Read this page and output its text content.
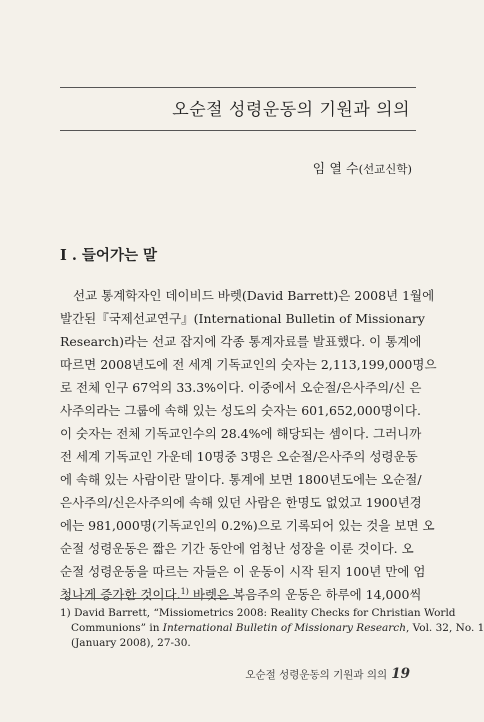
오순절 성령운동의 기원과 의의
임 열 수(선교신학)
I . 들어가는 말
선교 통계학자인 데이비드 바렛(David Barrett)은 2008년 1월에
발간된『국제선교연구』(International Bulletin of Missionary
Research)라는 선교 잡지에 각종 통계자료를 발표했다. 이 통계에
따르면 2008년도에 전 세계 기독교인의 숫자는 2,113,199,000명으
로 전체 인구 67억의 33.3%이다. 이중에서 오순절/은사주의/신 은
사주의라는 그룹에 속해 있는 성도의 숫자는 601,652,000명이다.
이 숫자는 전체 기독교인수의 28.4%에 해당되는 셈이다. 그러니까
전 세계 기독교인 가운데 10명중 3명은 오순절/은사주의 성령운동
에 속해 있는 사람이란 말이다. 통계에 보면 1800년도에는 오순절/
은사주의/신은사주의에 속해 있던 사람은 한명도 없었고 1900년경
에는 981,000명(기독교인의 0.2%)으로 기록되어 있는 것을 보면 오
순절 성령운동은 짧은 기간 동안에 엄청난 성장을 이룬 것이다. 오
순절 성령운동을 따르는 자들은 이 운동이 시작 된지 100년 만에 엄
청나게 증가한 것이다.$^{1)}$ 바렛은 복음주의 운동은 하루에 14,000씩
1) David Barrett, “Missiometrics 2008: Reality Checks for Christian World
Communions” in International Bulletin of Missionary Research, Vol. 32, No. 1
(January 2008), 27-30.
오순절 성령운동의 기원과 의의 19
